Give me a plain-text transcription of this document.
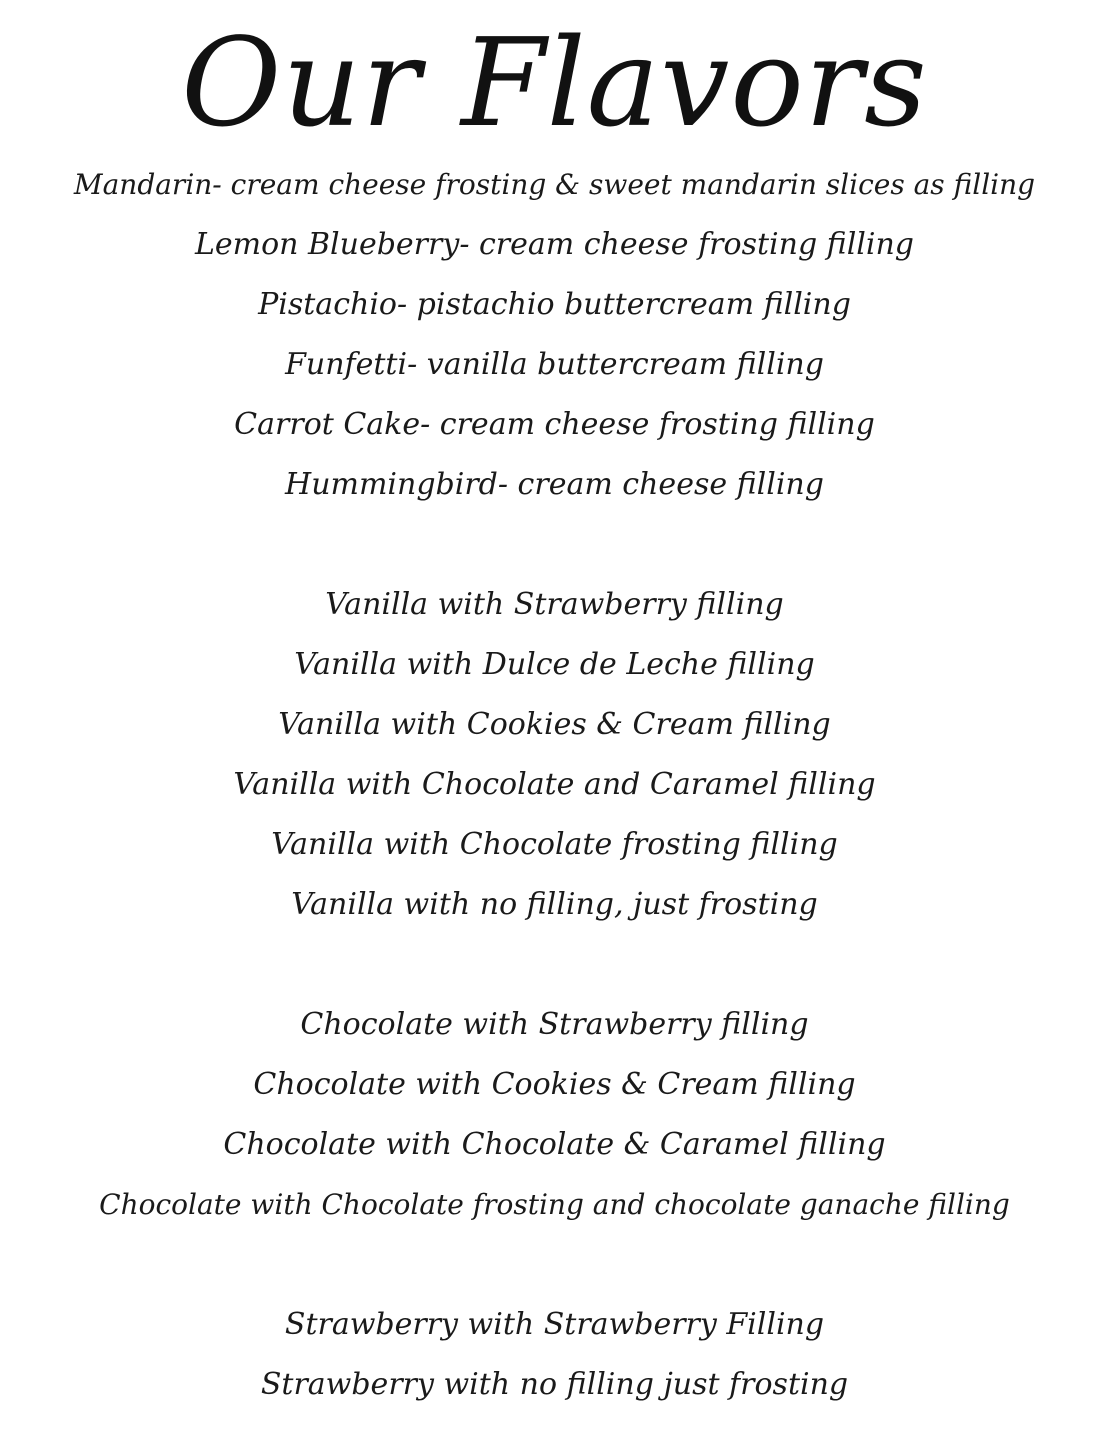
Our Flavors

Mandarin- cream cheese frosting & sweet mandarin slices as filling

Lemon Blueberry- cream cheese frosting filling

Pistachio- pistachio buttercream filling

Funfetti- vanilla buttercream filling

Carrot Cake- cream cheese frosting filling

Hummingbird- cream cheese filling

Vanilla with Strawberry filling

Vanilla with Dulce de Leche filling

Vanilla with Cookies & Cream filling

Vanilla with Chocolate and Caramel filling

Vanilla with Chocolate frosting filling

Vanilla with no filling, just frosting

Chocolate with Strawberry filling

Chocolate with Cookies & Cream filling

Chocolate with Chocolate & Caramel filling

Chocolate with Chocolate frosting and chocolate ganache filling

Strawberry with Strawberry Filling

Strawberry with no filling just frosting
